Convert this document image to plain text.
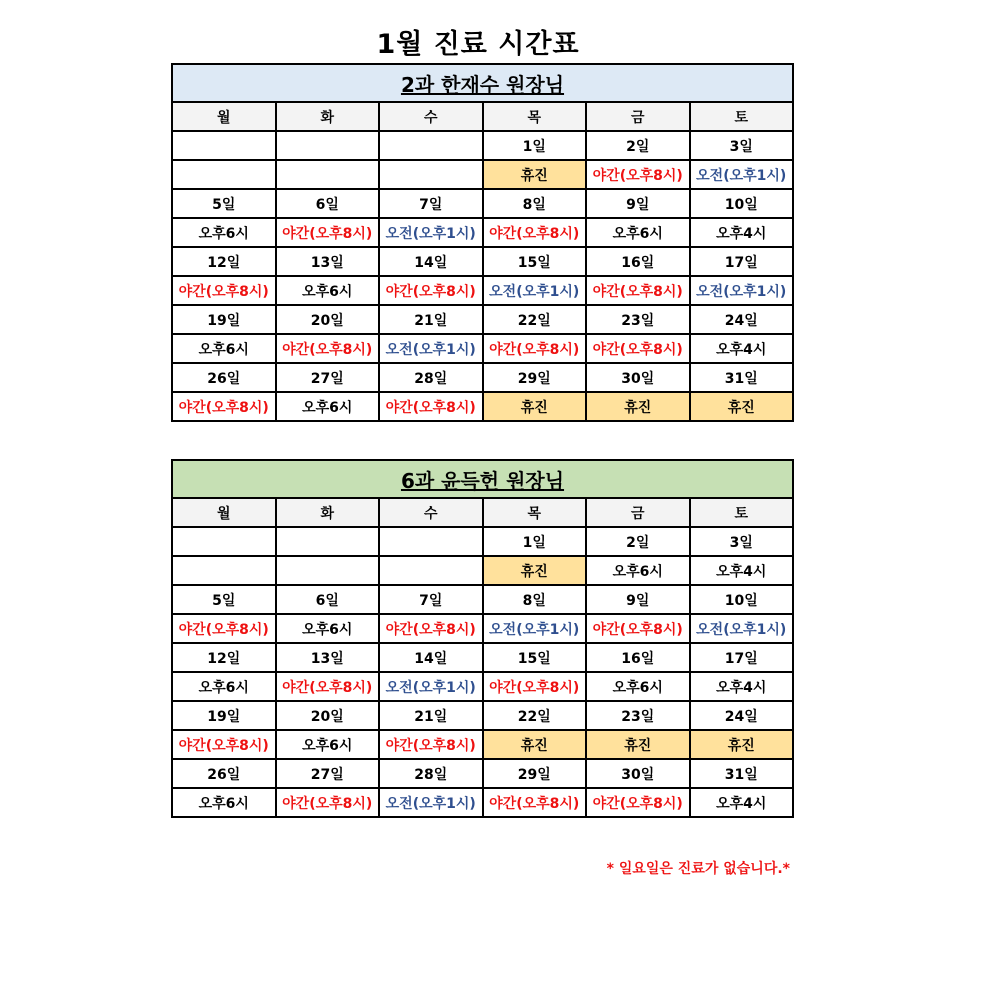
1월 진료 시간표
2과 한재수 원장님					
월	화	수	목	금	토
			1일	2일	3일
			휴진	야간(오후8시)	오전(오후1시)
5일	6일	7일	8일	9일	10일
오후6시	야간(오후8시)	오전(오후1시)	야간(오후8시)	오후6시	오후4시
12일	13일	14일	15일	16일	17일
야간(오후8시)	오후6시	야간(오후8시)	오전(오후1시)	야간(오후8시)	오전(오후1시)
19일	20일	21일	22일	23일	24일
오후6시	야간(오후8시)	오전(오후1시)	야간(오후8시)	야간(오후8시)	오후4시
26일	27일	28일	29일	30일	31일
야간(오후8시)	오후6시	야간(오후8시)	휴진	휴진	휴진
6과 윤득헌 원장님					
월	화	수	목	금	토
			1일	2일	3일
			휴진	오후6시	오후4시
5일	6일	7일	8일	9일	10일
야간(오후8시)	오후6시	야간(오후8시)	오전(오후1시)	야간(오후8시)	오전(오후1시)
12일	13일	14일	15일	16일	17일
오후6시	야간(오후8시)	오전(오후1시)	야간(오후8시)	오후6시	오후4시
19일	20일	21일	22일	23일	24일
야간(오후8시)	오후6시	야간(오후8시)	휴진	휴진	휴진
26일	27일	28일	29일	30일	31일
오후6시	야간(오후8시)	오전(오후1시)	야간(오후8시)	야간(오후8시)	오후4시
* 일요일은 진료가 없습니다.*
